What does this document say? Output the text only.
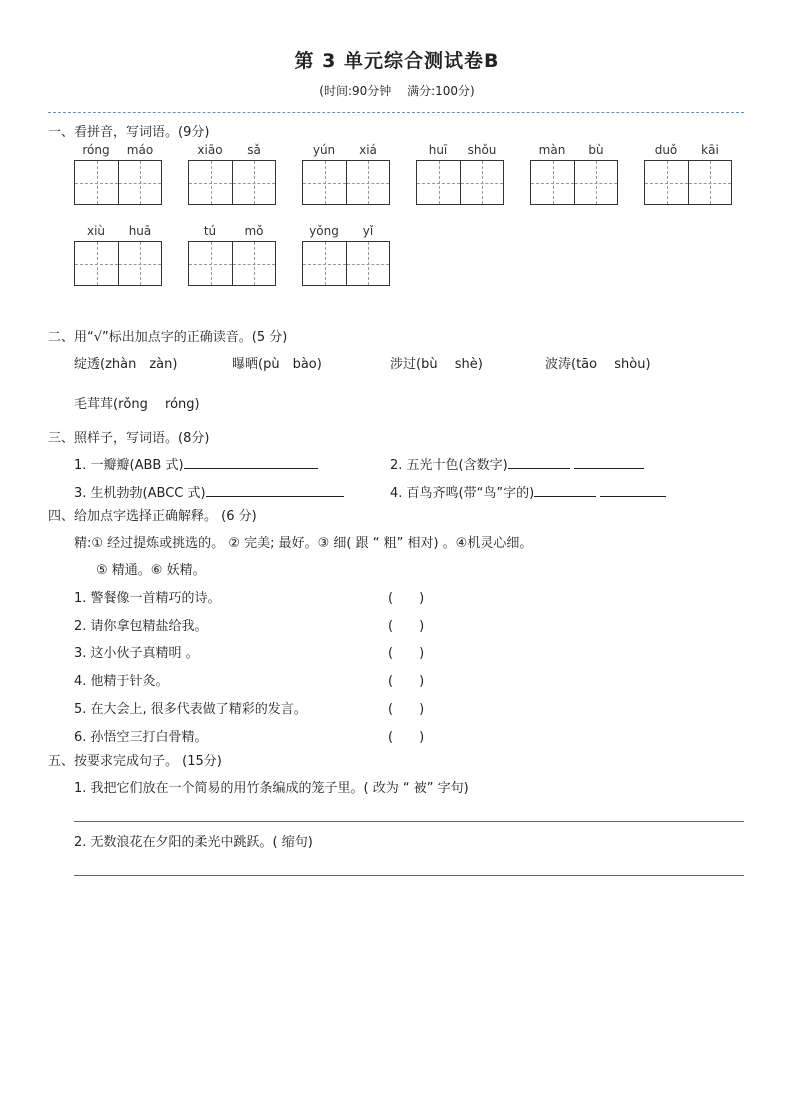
第 3 单元综合测试卷B
(时间:90分钟　 满分:100分)
一、看拼音，写词语。(9分)
róng	máo	xiāo	sǎ	yún	xiá	huī	shǒu	màn	bù	duǒ	kāi
xiù	huā	tú	mǒ	yǒng	yǐ
二、用“√”标出加点字的正确读音。(5 分)
绽透(zhàn　zàn)	曝晒(pù　bào)	涉过(bù　 shè)	波涛(tāo　 shòu)
毛茸茸(rǒng　 róng)
三、照样子，写词语。(8分)
1. 一瓣瓣(ABB 式)	2. 五光十色(含数字)
3. 生机勃勃(ABCC 式)	4. 百鸟齐鸣(带“鸟”字的)
四、给加点字选择正确解释。 (6 分)
精:① 经过提炼或挑选的。 ② 完美; 最好。③ 细( 跟 “ 粗” 相对) 。④机灵心细。
⑤ 精通。⑥ 妖精。
1. 警餐像一首精巧的诗。	(　　)
2. 请你拿包精盐给我。	(　　)
3. 这小伙子真精明 。	(　　)
4. 他精于针灸。	(　　)
5. 在大会上, 很多代表做了精彩的发言。	(　　)
6. 孙悟空三打白骨精。	(　　)
五、按要求完成句子。 (15分)
1. 我把它们放在一个简易的用竹条编成的笼子里。( 改为 “ 被” 字句)
2. 无数浪花在夕阳的柔光中跳跃。( 缩句)
